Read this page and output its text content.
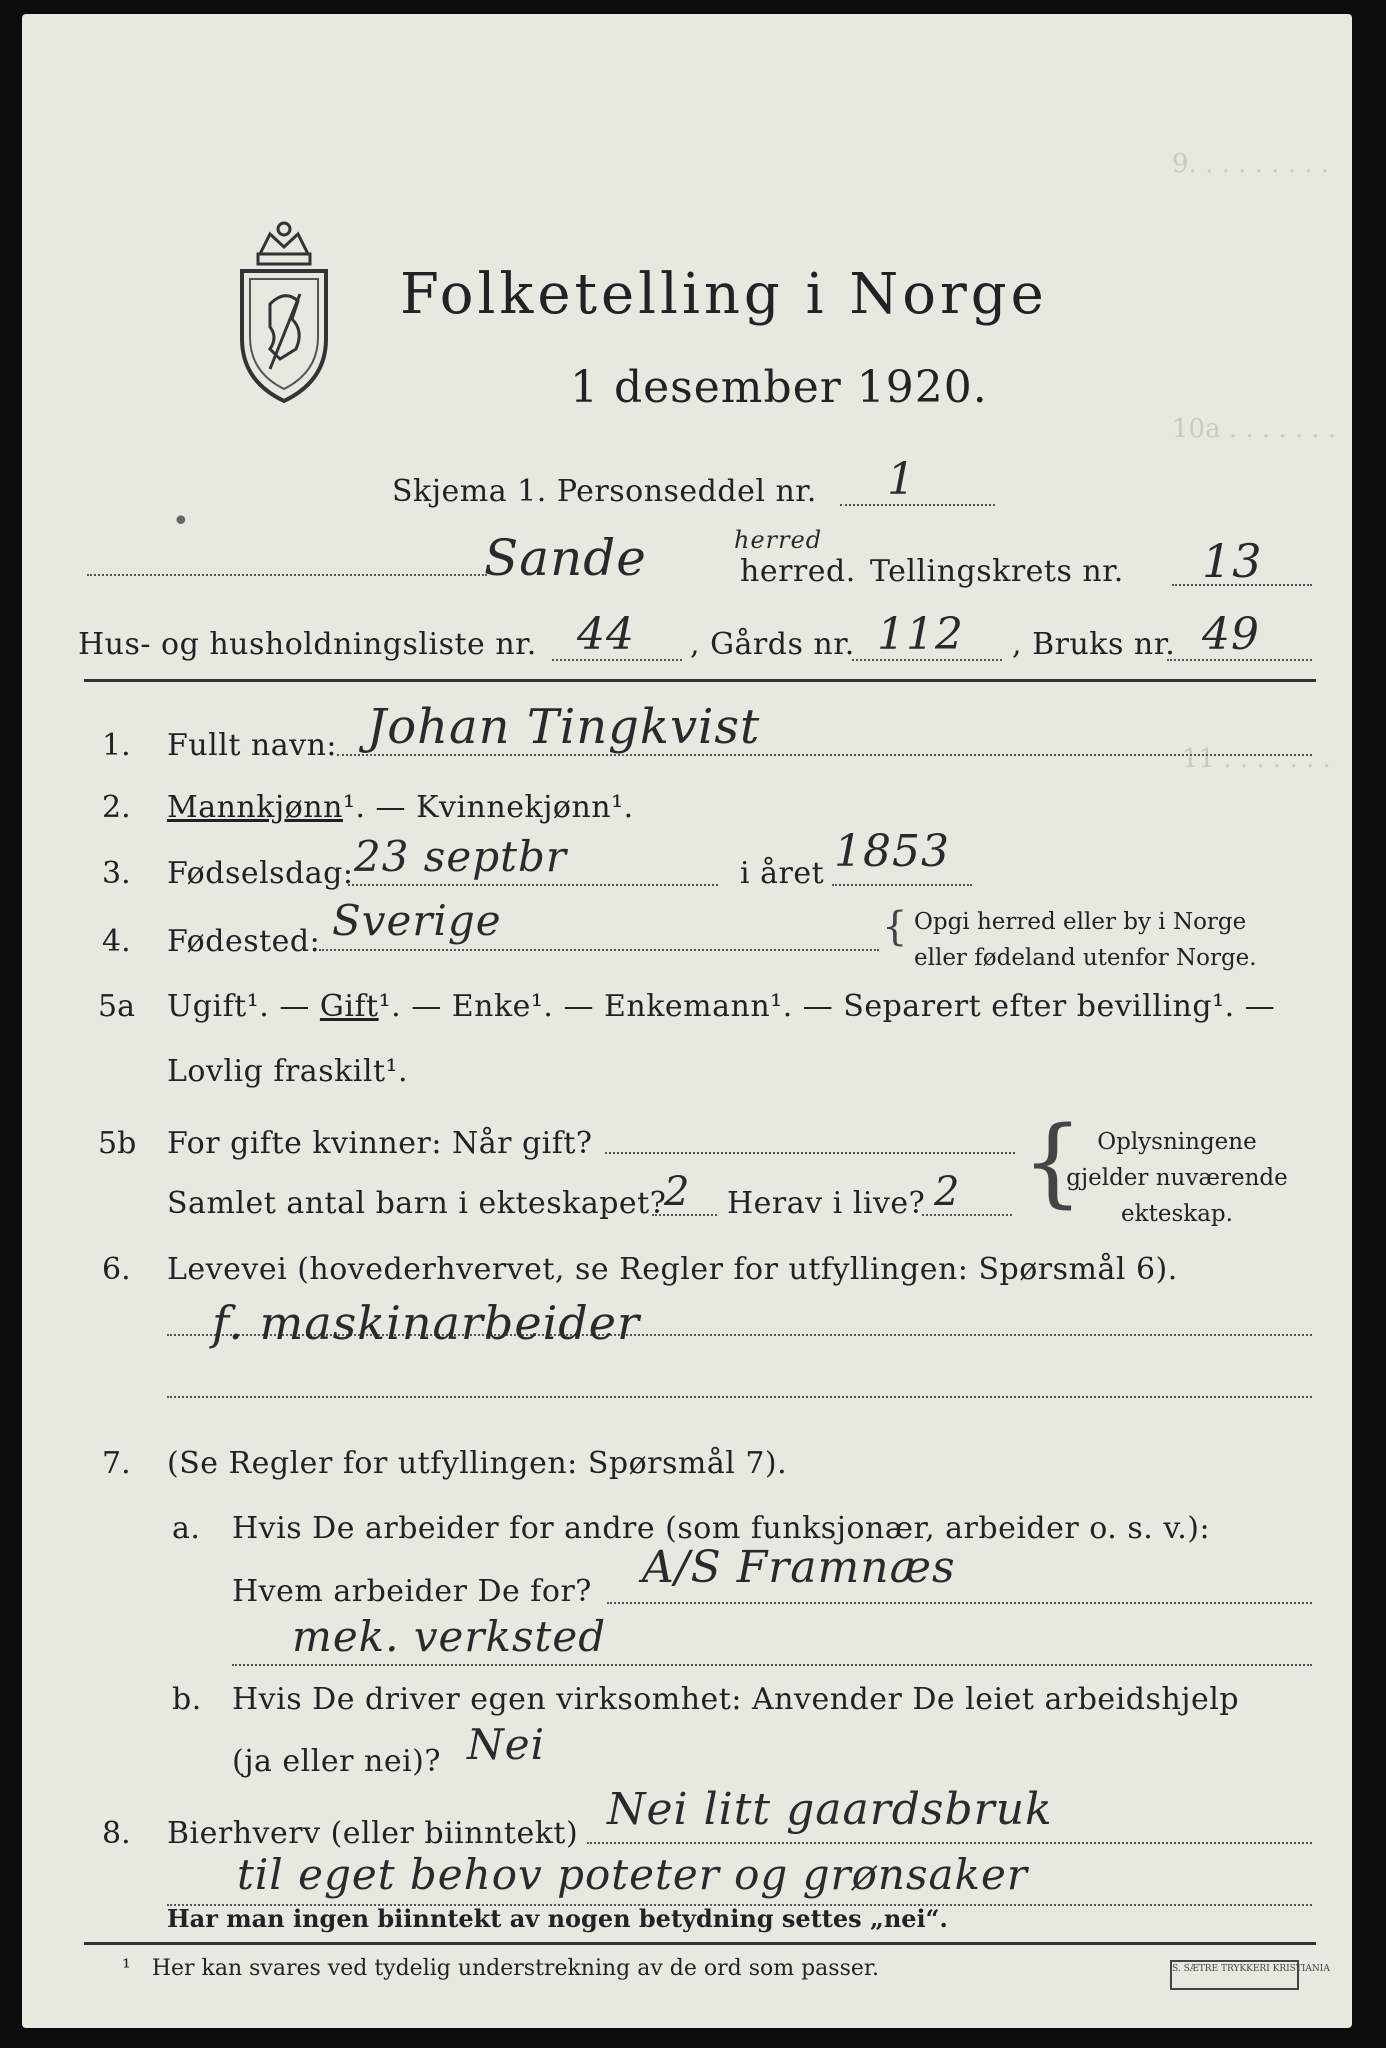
9. . . . . . . . .
10a . . . . . . .
11 . . . . . . .
Folketelling i Norge
1 desember 1920.
Skjema 1. Personseddel nr. 1
•
Sande	herred
herred. Tellingskrets nr. 13
Hus- og husholdningsliste nr. 44 , Gårds nr. 112 , Bruks nr. 49
1. Fullt navn: Johan Tingkvist
2. Mannkjønn¹. — Kvinnekjønn¹.
3. Fødselsdag: 23 septbr	i året 1853
4. Fødested: Sverige	{ Opgi herred eller by i Norge
eller fødeland utenfor Norge.
5a Ugift¹. — Gift¹. — Enke¹. — Enkemann¹. — Separert efter bevilling¹. —
Lovlig fraskilt¹.
5b For gifte kvinner: Når gift?
Samlet antal barn i ekteskapet?
2 Herav i live? 2 { Oplysningene
gjelder nuværende
ekteskap.
6. Levevei (hovederhvervet, se Regler for utfyllingen: Spørsmål 6).
f. maskinarbeider
7. (Se Regler for utfyllingen: Spørsmål 7).
a. Hvis De arbeider for andre (som funksjonær, arbeider o. s. v.):
Hvem arbeider De for? A/S Framnæs
mek. verksted
b. Hvis De driver egen virksomhet: Anvender De leiet arbeidshjelp
(ja eller nei)? Nei
8. Bierhverv (eller biinntekt) Nei litt gaardsbruk
til eget behov poteter og grønsaker
Har man ingen biinntekt av nogen betydning settes „nei“.
¹ Her kan svares ved tydelig understrekning av de ord som passer.	S. SÆTRE TRYKKERI KRISTIANIA
